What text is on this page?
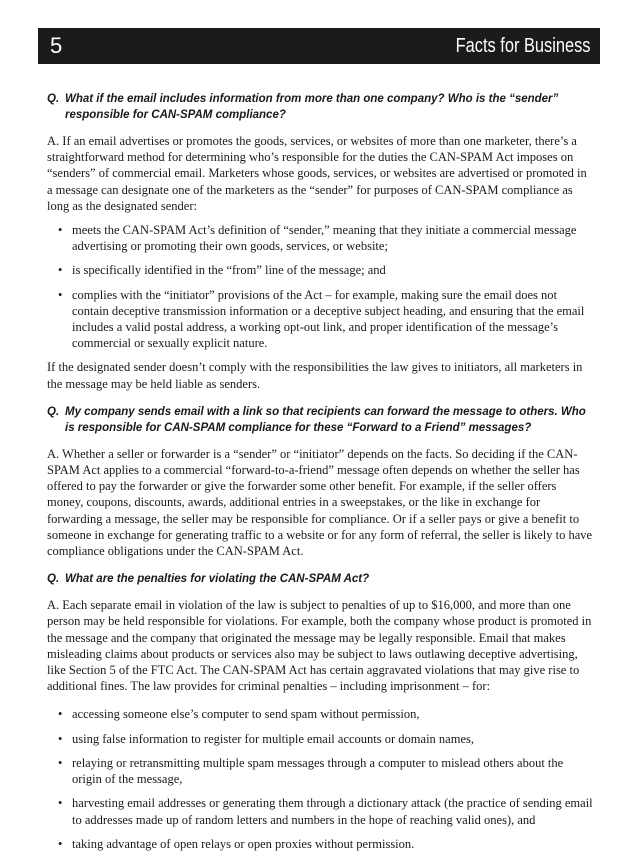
5	Facts for Business

Q. What if the email includes information from more than one company? Who is the “sender” responsible for CAN-SPAM compliance?

A. If an email advertises or promotes the goods, services, or websites of more than one marketer, there’s a straightforward method for determining who’s responsible for the duties the CAN-SPAM Act imposes on “senders” of commercial email. Marketers whose goods, services, or websites are advertised or promoted in a message can designate one of the marketers as the “sender” for purposes of CAN-SPAM compliance as long as the designated sender:

• meets the CAN-SPAM Act’s definition of “sender,” meaning that they initiate a commercial message advertising or promoting their own goods, services, or website;
• is specifically identified in the “from” line of the message; and
• complies with the “initiator” provisions of the Act – for example, making sure the email does not contain deceptive transmission information or a deceptive subject heading, and ensuring that the email includes a valid postal address, a working opt-out link, and proper identification of the message’s commercial or sexually explicit nature.

If the designated sender doesn’t comply with the responsibilities the law gives to initiators, all marketers in the message may be held liable as senders.

Q. My company sends email with a link so that recipients can forward the message to others. Who is responsible for CAN-SPAM compliance for these “Forward to a Friend” messages?

A. Whether a seller or forwarder is a “sender” or “initiator” depends on the facts. So deciding if the CAN-SPAM Act applies to a commercial “forward-to-a-friend” message often depends on whether the seller has offered to pay the forwarder or give the forwarder some other benefit. For example, if the seller offers money, coupons, discounts, awards, additional entries in a sweepstakes, or the like in exchange for forwarding a message, the seller may be responsible for compliance. Or if a seller pays or give a benefit to someone in exchange for generating traffic to a website or for any form of referral, the seller is likely to have compliance obligations under the CAN-SPAM Act.

Q. What are the penalties for violating the CAN-SPAM Act?

A. Each separate email in violation of the law is subject to penalties of up to $16,000, and more than one person may be held responsible for violations. For example, both the company whose product is promoted in the message and the company that originated the message may be legally responsible. Email that makes misleading claims about products or services also may be subject to laws outlawing deceptive advertising, like Section 5 of the FTC Act. The CAN-SPAM Act has certain aggravated violations that may give rise to additional fines. The law provides for criminal penalties – including imprisonment – for:

• accessing someone else’s computer to send spam without permission,
• using false information to register for multiple email accounts or domain names,
• relaying or retransmitting multiple spam messages through a computer to mislead others about the origin of the message,
• harvesting email addresses or generating them through a dictionary attack (the practice of sending email to addresses made up of random letters and numbers in the hope of reaching valid ones), and
• taking advantage of open relays or open proxies without permission.
